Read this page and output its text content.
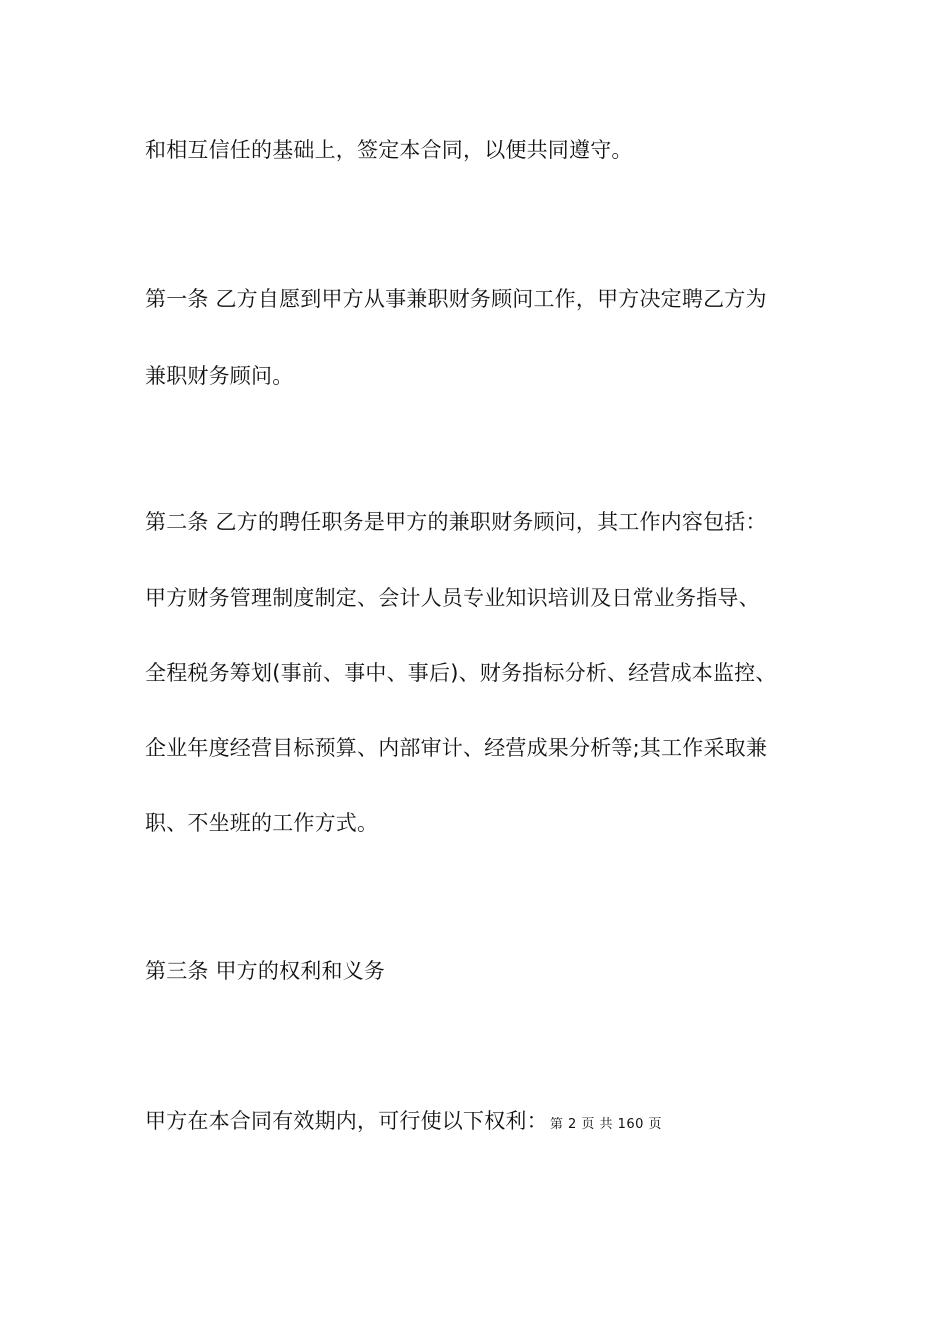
和相互信任的基础上，签定本合同，以便共同遵守。
第一条 乙方自愿到甲方从事兼职财务顾问工作，甲方决定聘乙方为
兼职财务顾问。
第二条 乙方的聘任职务是甲方的兼职财务顾问，其工作内容包括：
甲方财务管理制度制定、会计人员专业知识培训及日常业务指导、
全程税务筹划(事前、事中、事后)、财务指标分析、经营成本监控、
企业年度经营目标预算、内部审计、经营成果分析等;其工作采取兼
职、不坐班的工作方式。
第三条 甲方的权利和义务
甲方在本合同有效期内，可行使以下权利： 第 2 页 共 160 页
